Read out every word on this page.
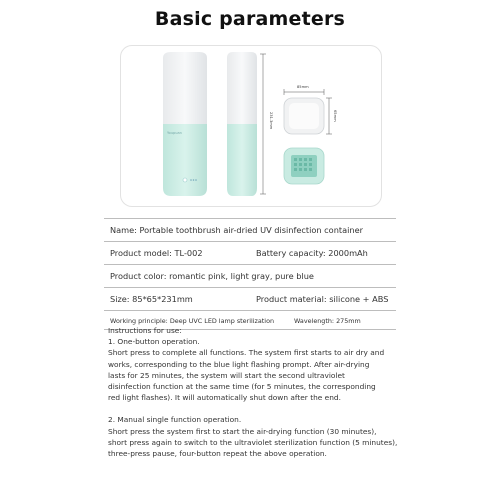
Basic parameters
Youpuan
231.3mm
85mm
65mm
Name: Portable toothbrush air-dried UV disinfection container
Product model: TL-002	Battery capacity: 2000mAh
Product color: romantic pink, light gray, pure blue
Size: 85*65*231mm	Product material: silicone + ABS
Working principle: Deep UVC LED lamp sterilization	Wavelength: 275mm
Instructions for use:
1. One-button operation.
Short press to complete all functions. The system first starts to air dry and
works, corresponding to the blue light flashing prompt. After air-drying
lasts for 25 minutes, the system will start the second ultraviolet
disinfection function at the same time (for 5 minutes, the corresponding
red light flashes). It will automatically shut down after the end.
2. Manual single function operation.
Short press the system first to start the air-drying function (30 minutes),
short press again to switch to the ultraviolet sterilization function (5 minutes),
three-press pause, four-button repeat the above operation.
